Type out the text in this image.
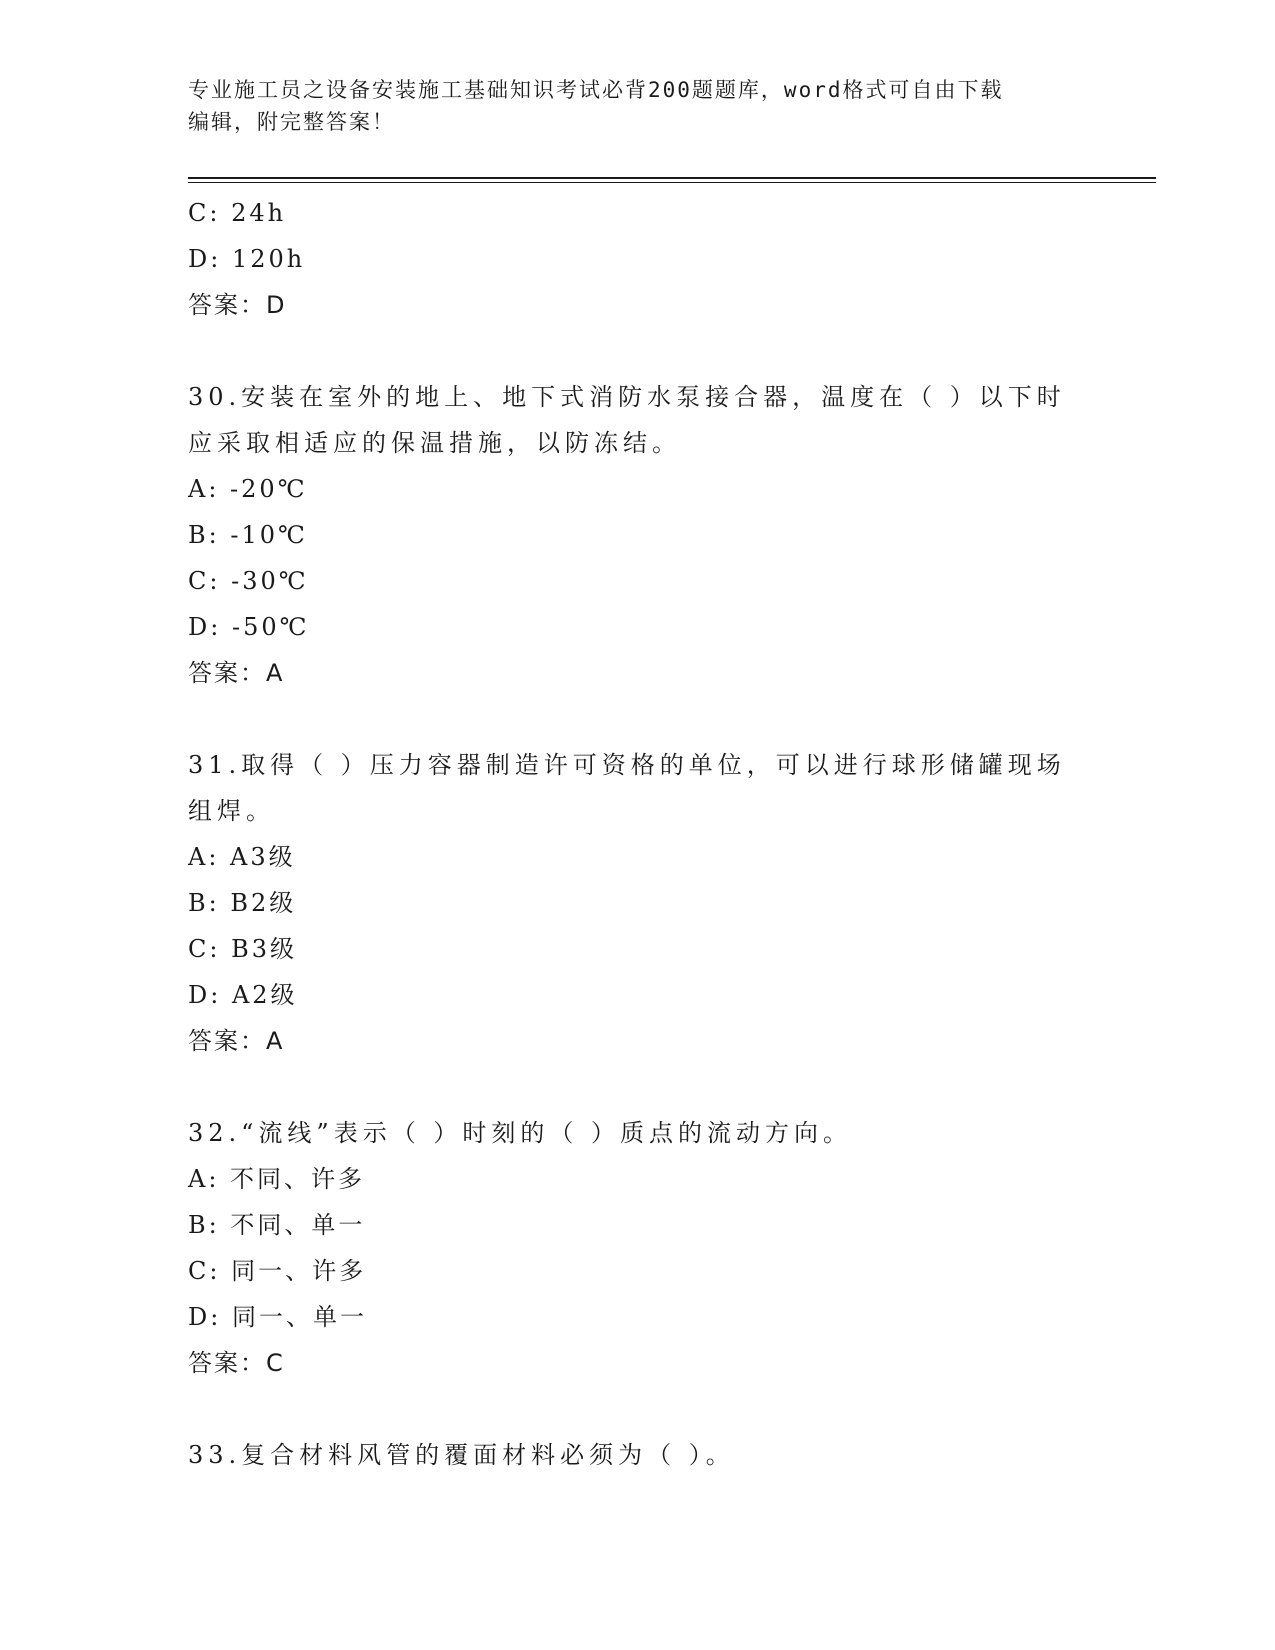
专业施工员之设备安装施工基础知识考试必背200题题库，word格式可自由下载
编辑，附完整答案！
C: 24h
D: 120h
答案：D
30.安装在室外的地上、地下式消防水泵接合器，温度在（ ）以下时
应采取相适应的保温措施，以防冻结。
A: -20℃
B: -10℃
C: -30℃
D: -50℃
答案：A
31.取得（ ）压力容器制造许可资格的单位，可以进行球形储罐现场
组焊。
A: A3级
B: B2级
C: B3级
D: A2级
答案：A
32.“流线”表示（ ）时刻的（ ）质点的流动方向。
A: 不同、许多
B: 不同、单一
C: 同一、许多
D: 同一、单一
答案：C
33.复合材料风管的覆面材料必须为（ ）。
